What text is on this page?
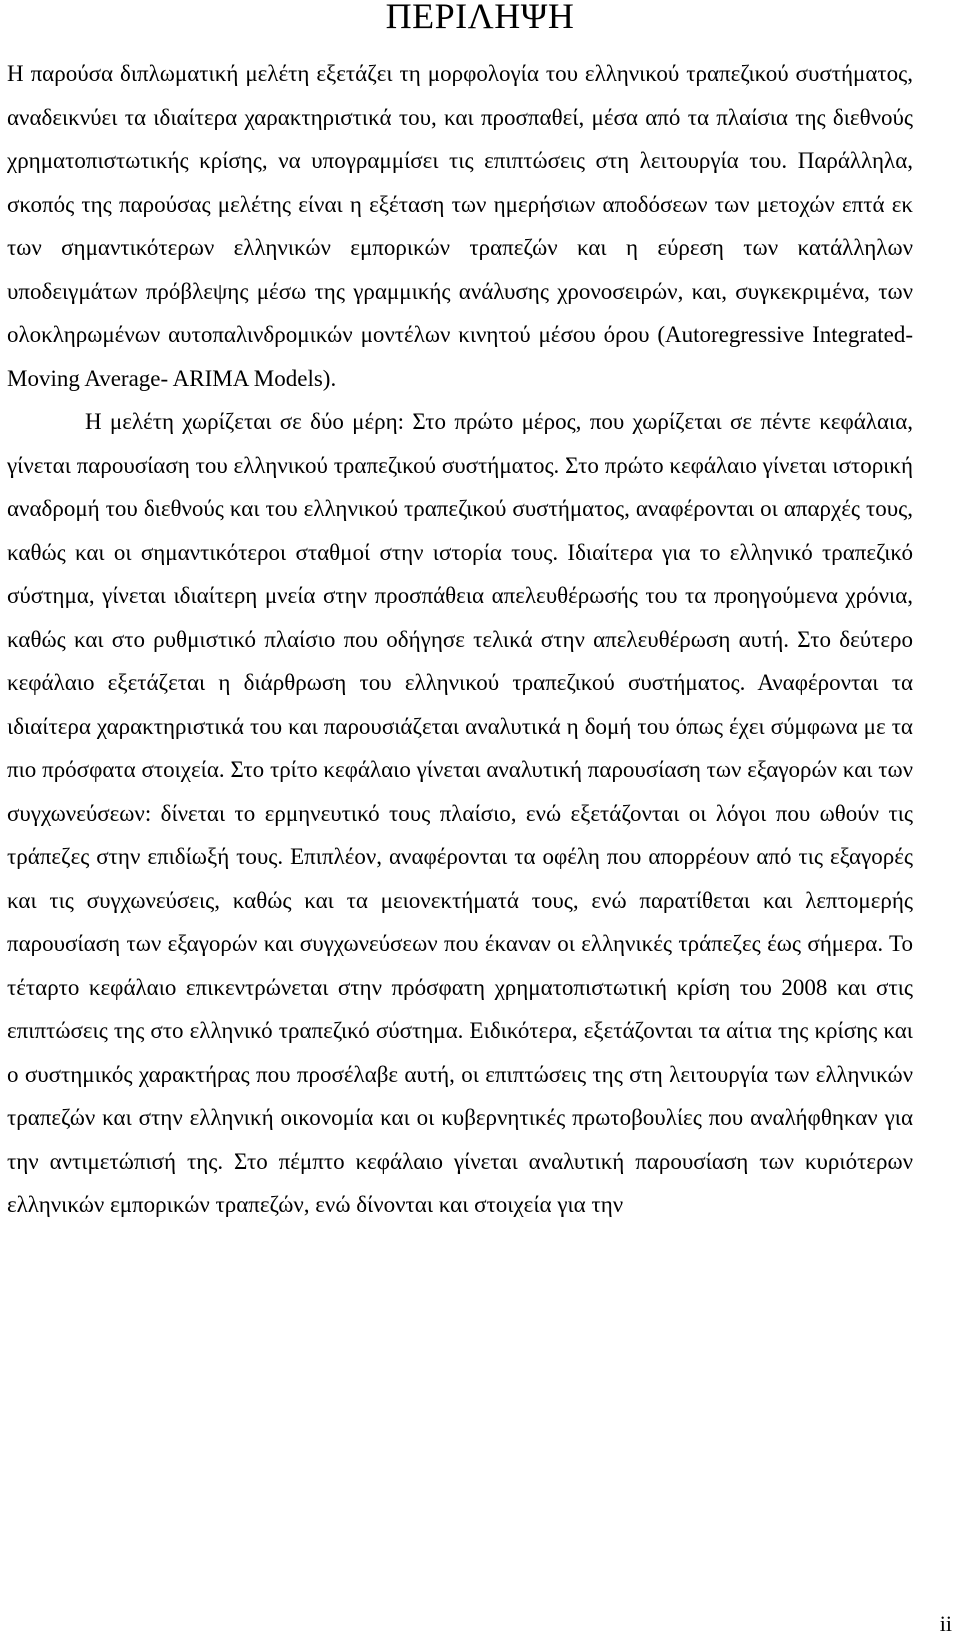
ΠΕΡΙΛΗΨΗ

Η παρούσα διπλωματική μελέτη εξετάζει τη μορφολογία του ελληνικού τραπεζικού συστήματος, αναδεικνύει τα ιδιαίτερα χαρακτηριστικά του, και προσπαθεί, μέσα από τα πλαίσια της διεθνούς χρηματοπιστωτικής κρίσης, να υπογραμμίσει τις επιπτώσεις στη λειτουργία του. Παράλληλα, σκοπός της παρούσας μελέτης είναι η εξέταση των ημερήσιων αποδόσεων των μετοχών επτά εκ των σημαντικότερων ελληνικών εμπορικών τραπεζών και η εύρεση των κατάλληλων υποδειγμάτων πρόβλεψης μέσω της γραμμικής ανάλυσης χρονοσειρών, και, συγκεκριμένα, των ολοκληρωμένων αυτοπαλινδρομικών μοντέλων κινητού μέσου όρου (Autoregressive Integrated-Moving Average- ARIMA Models).

Η μελέτη χωρίζεται σε δύο μέρη: Στο πρώτο μέρος, που χωρίζεται σε πέντε κεφάλαια, γίνεται παρουσίαση του ελληνικού τραπεζικού συστήματος. Στο πρώτο κεφάλαιο γίνεται ιστορική αναδρομή του διεθνούς και του ελληνικού τραπεζικού συστήματος, αναφέρονται οι απαρχές τους, καθώς και οι σημαντικότεροι σταθμοί στην ιστορία τους. Ιδιαίτερα για το ελληνικό τραπεζικό σύστημα, γίνεται ιδιαίτερη μνεία στην προσπάθεια απελευθέρωσής του τα προηγούμενα χρόνια, καθώς και στο ρυθμιστικό πλαίσιο που οδήγησε τελικά στην απελευθέρωση αυτή. Στο δεύτερο κεφάλαιο εξετάζεται η διάρθρωση του ελληνικού τραπεζικού συστήματος. Αναφέρονται τα ιδιαίτερα χαρακτηριστικά του και παρουσιάζεται αναλυτικά η δομή του όπως έχει σύμφωνα με τα πιο πρόσφατα στοιχεία. Στο τρίτο κεφάλαιο γίνεται αναλυτική παρουσίαση των εξαγορών και των συγχωνεύσεων: δίνεται το ερμηνευτικό τους πλαίσιο, ενώ εξετάζονται οι λόγοι που ωθούν τις τράπεζες στην επιδίωξή τους. Επιπλέον, αναφέρονται τα οφέλη που απορρέουν από τις εξαγορές και τις συγχωνεύσεις, καθώς και τα μειονεκτήματά τους, ενώ παρατίθεται και λεπτομερής παρουσίαση των εξαγορών και συγχωνεύσεων που έκαναν οι ελληνικές τράπεζες έως σήμερα. Το τέταρτο κεφάλαιο επικεντρώνεται στην πρόσφατη χρηματοπιστωτική κρίση του 2008 και στις επιπτώσεις της στο ελληνικό τραπεζικό σύστημα. Ειδικότερα, εξετάζονται τα αίτια της κρίσης και ο συστημικός χαρακτήρας που προσέλαβε αυτή, οι επιπτώσεις της στη λειτουργία των ελληνικών τραπεζών και στην ελληνική οικονομία και οι κυβερνητικές πρωτοβουλίες που αναλήφθηκαν για την αντιμετώπισή της. Στο πέμπτο κεφάλαιο γίνεται αναλυτική παρουσίαση των κυριότερων ελληνικών εμπορικών τραπεζών, ενώ δίνονται και στοιχεία για την

ii
